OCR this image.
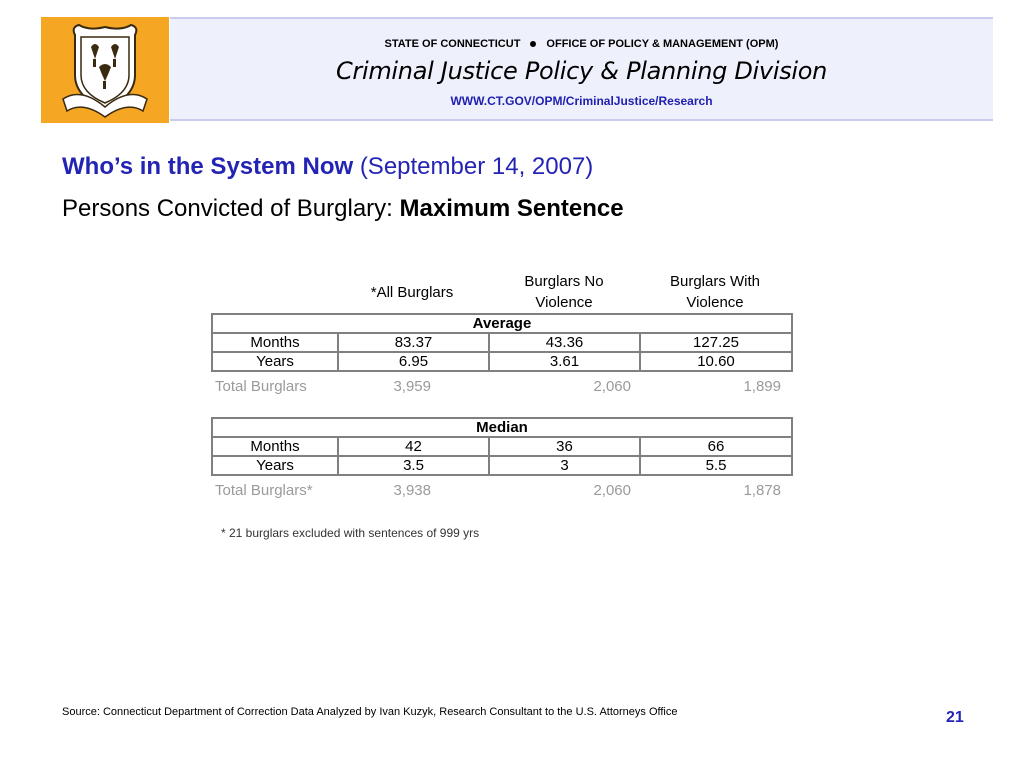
STATE OF CONNECTICUT OFFICE OF POLICY & MANAGEMENT (OPM)
Criminal Justice Policy & Planning Division
WWW.CT.GOV/OPM/CriminalJustice/Research
Who’s in the System Now (September 14, 2007)
Persons Convicted of Burglary: Maximum Sentence
*All Burglars
Burglars No
Violence
Burglars With
Violence
Average			
Months	83.37	43.36	127.25
Years	6.95	3.61	10.60
Total Burglars	3,959	2,060	1,899
Median			
Months	42	36	66
Years	3.5	3	5.5
Total Burglars*	3,938	2,060	1,878
* 21 burglars excluded with sentences of 999 yrs
Source: Connecticut Department of Correction Data Analyzed by Ivan Kuzyk, Research Consultant to the U.S. Attorneys Office	21
